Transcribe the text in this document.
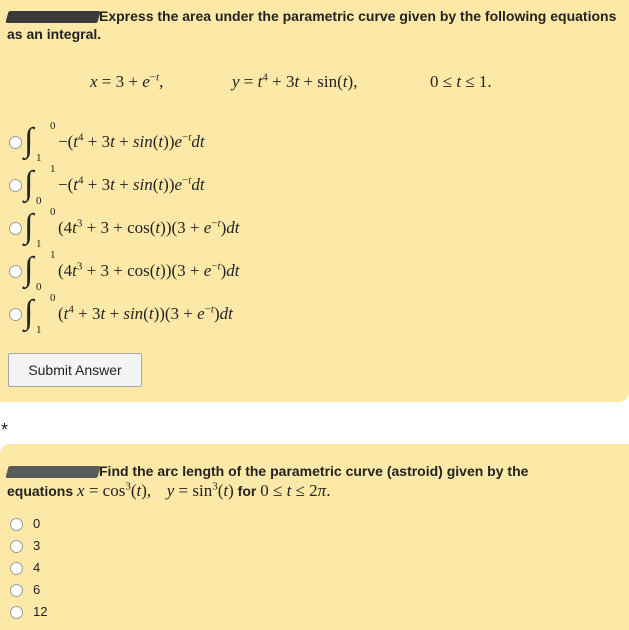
Express the area under the parametric curve given by the following equations as an integral.
$x = 3 + e^{-t}$,	$y = t^4 + 3t + \sin(t)$,	0 ≤ t ≤ 1.
∫ 0
1
$-(t^4 + 3t + \sin(t))e^{-t}dt$
∫ 1
0
$-(t^4 + 3t + \sin(t))e^{-t}dt$
∫ 0
1
$(4t^3 + 3 + \cos(t))(3 + e^{-t})dt$
∫ 1
0
$(4t^3 + 3 + \cos(t))(3 + e^{-t})dt$
∫ 0
1
$(t^4 + 3t + \sin(t))(3 + e^{-t})dt$
Submit Answer
*
Find the arc length of the parametric curve (astroid) given by the
equations $x = \cos^3(t)$, $y = \sin^3(t)$ for 0 ≤ t ≤ 2π.
0
3
4
6
12
